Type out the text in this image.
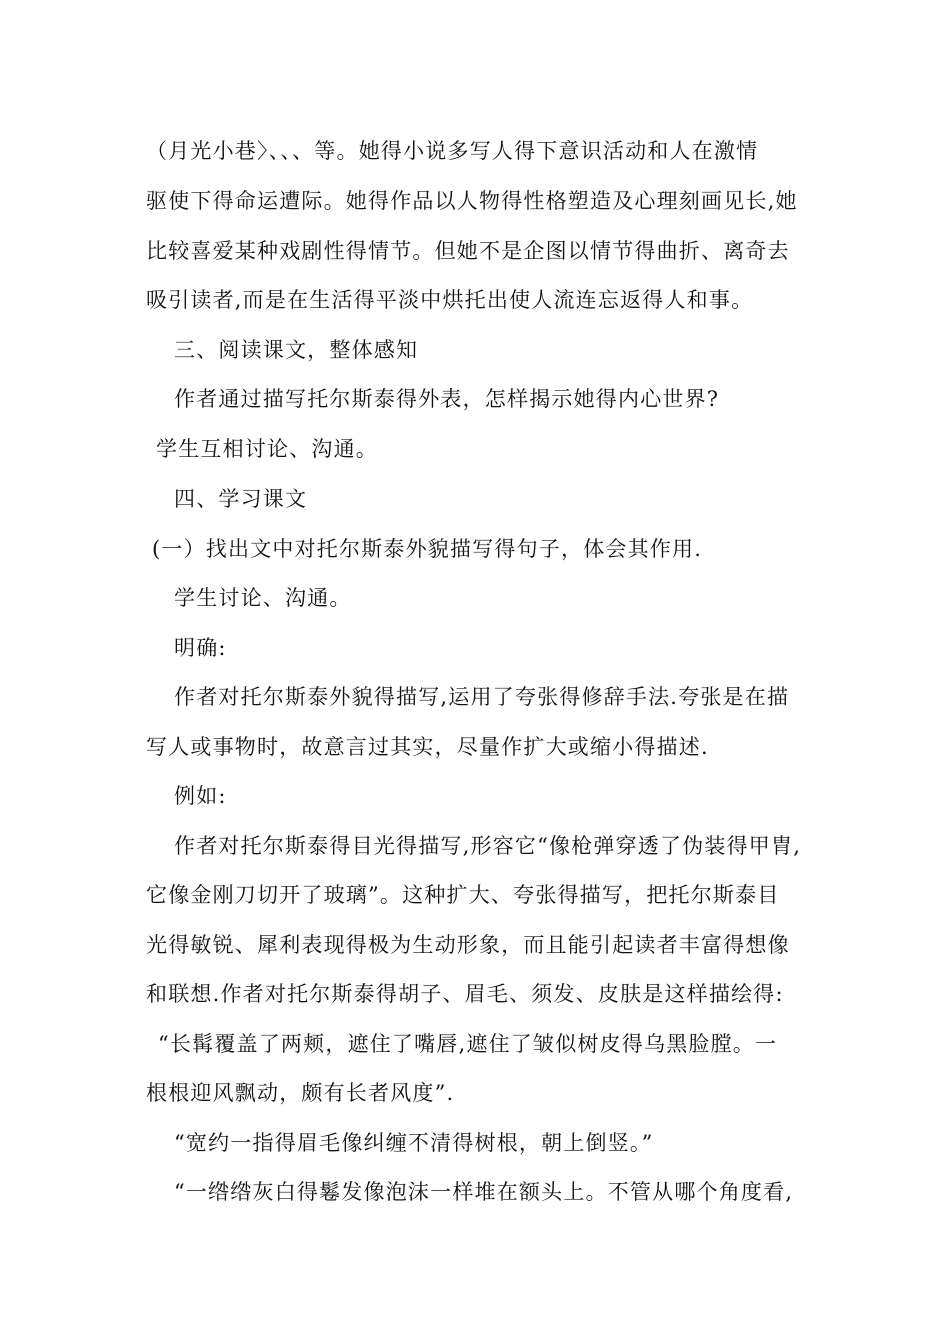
（月光小巷〉、、、等。她得小说多写人得下意识活动和人在激情
驱使下得命运遭际。她得作品以人物得性格塑造及心理刻画见长,她
比较喜爱某种戏剧性得情节。但她不是企图以情节得曲折、离奇去
吸引读者,而是在生活得平淡中烘托出使人流连忘返得人和事。
三、阅读课文，整体感知
作者通过描写托尔斯泰得外表，怎样揭示她得内心世界?
学生互相讨论、沟通。
四、学习课文
(一）找出文中对托尔斯泰外貌描写得句子，体会其作用.
学生讨论、沟通。
明确:
作者对托尔斯泰外貌得描写,运用了夸张得修辞手法.夸张是在描
写人或事物时，故意言过其实，尽量作扩大或缩小得描述.
例如:
作者对托尔斯泰得目光得描写,形容它“像枪弹穿透了伪装得甲胄,
它像金刚刀切开了玻璃”。这种扩大、夸张得描写，把托尔斯泰目
光得敏锐、犀利表现得极为生动形象，而且能引起读者丰富得想像
和联想.作者对托尔斯泰得胡子、眉毛、须发、皮肤是这样描绘得:
“长髯覆盖了两颊，遮住了嘴唇,遮住了皱似树皮得乌黑脸膛。一
根根迎风飘动，颇有长者风度”.
“宽约一指得眉毛像纠缠不清得树根，朝上倒竖。”
“一绺绺灰白得鬈发像泡沫一样堆在额头上。不管从哪个角度看,
